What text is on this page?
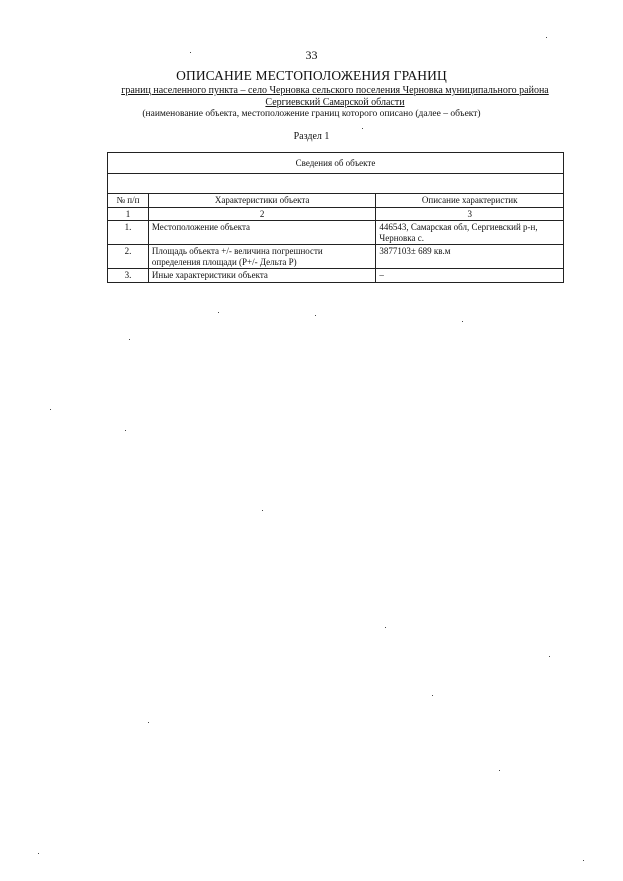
33
ОПИСАНИЕ МЕСТОПОЛОЖЕНИЯ ГРАНИЦ
границ населенного пункта – село Черновка сельского поселения Черновка муниципального района
Сергиевский Самарской области
(наименование объекта, местоположение границ которого описано (далее – объект)
Раздел 1
Сведения об объекте		

№ п/п	Характеристики объекта	Описание характеристик
1	2	3
1.	Местоположение объекта	446543, Самарская обл, Сергиевский р-н, Черновка с.
2.	Площадь объекта +/- величина погрешности определения площади (Р+/- Дельта Р)	3877103± 689 кв.м
3.	Иные характеристики объекта	–
